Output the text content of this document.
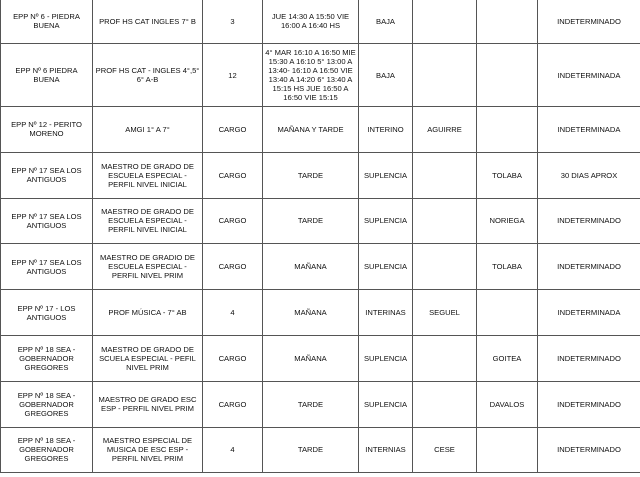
EPP Nº 6 - PIEDRA BUENA	PROF HS CAT INGLES 7° B	3	JUE 14:30 A 15:50 VIE 16:00 A 16:40 HS	BAJA			INDETERMINADO
EPP Nº 6 PIEDRA BUENA	PROF HS CAT - INGLES 4°,5° 6° A-B	12	4° MAR 16:10 A 16:50 MIE 15:30 A 16:10 5° 13:00 A 13:40- 16:10 A 16:50 VIE 13:40 A 14:20 6° 13:40 A 15:15 HS JUE 16:50 A 16:50 VIE 15:15	BAJA			INDETERMINADA
EPP Nº 12 - PERITO MORENO	AMGI 1° A 7°	CARGO	MAÑANA Y TARDE	INTERINO	AGUIRRE		INDETERMINADA
EPP Nº 17 SEA LOS ANTIGUOS	MAESTRO DE GRADO DE ESCUELA ESPECIAL - PERFIL NIVEL INICIAL	CARGO	TARDE	SUPLENCIA		TOLABA	30 DIAS APROX
EPP Nº 17 SEA LOS ANTIGUOS	MAESTRO DE GRADO DE ESCUELA ESPECIAL - PERFIL NIVEL INICIAL	CARGO	TARDE	SUPLENCIA		NORIEGA	INDETERMINADO
EPP Nº 17 SEA LOS ANTIGUOS	MAESTRO DE GRADIO DE ESCUELA ESPECIAL - PERFIL NIVEL PRIM	CARGO	MAÑANA	SUPLENCIA		TOLABA	INDETERMINADO
EPP Nº 17 - LOS ANTIGUOS	PROF MÚSICA - 7° AB	4	MAÑANA	INTERINAS	SEGUEL		INDETERMINADA
EPP Nº 18 SEA - GOBERNADOR GREGORES	MAESTRO DE GRADO DE SCUELA ESPECIAL - PEFIL NIVEL PRIM	CARGO	MAÑANA	SUPLENCIA		GOITEA	INDETERMINADO
EPP Nº 18 SEA - GOBERNADOR GREGORES	MAESTRO DE GRADO ESC ESP - PERFIL NIVEL PRIM	CARGO	TARDE	SUPLENCIA		DAVALOS	INDETERMINADO
EPP Nº 18 SEA - GOBERNADOR GREGORES	MAESTRO ESPECIAL DE MUSICA DE ESC ESP - PERFIL NIVEL PRIM	4	TARDE	INTERNIAS	CESE		INDETERMINADO
